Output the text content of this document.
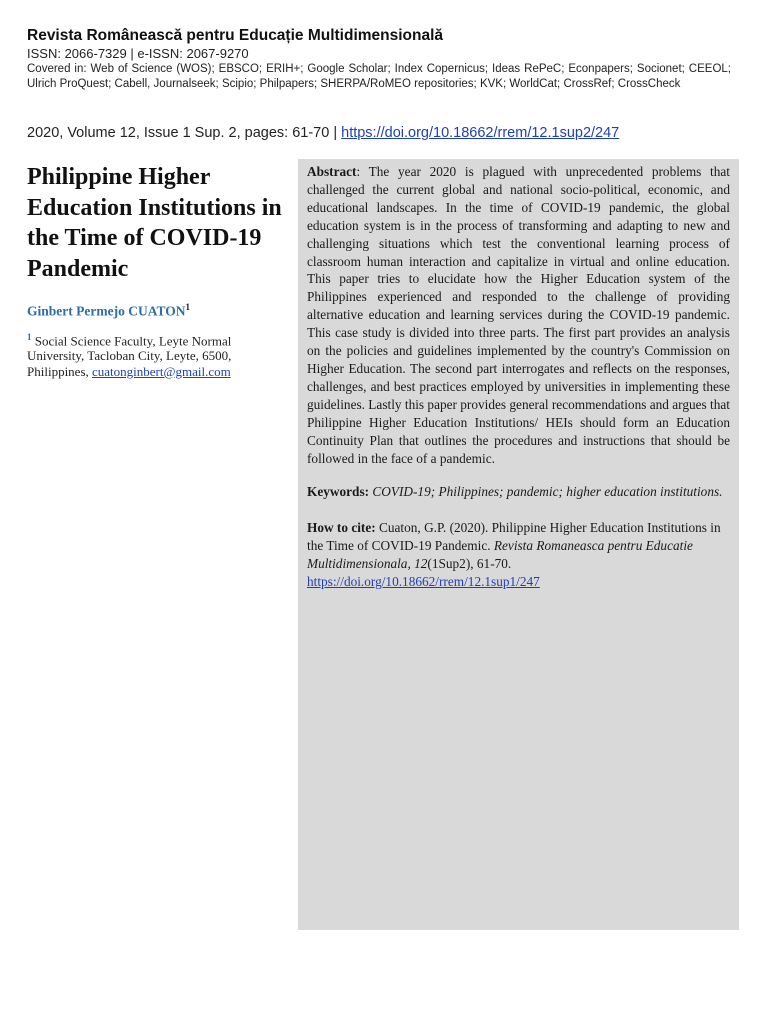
Revista Românească pentru Educație Multidimensională
ISSN: 2066-7329 | e-ISSN: 2067-9270
Covered in: Web of Science (WOS); EBSCO; ERIH+; Google Scholar; Index Copernicus; Ideas RePeC; Econpapers; Socionet; CEEOL; Ulrich ProQuest; Cabell, Journalseek; Scipio; Philpapers; SHERPA/RoMEO repositories; KVK; WorldCat; CrossRef; CrossCheck
2020, Volume 12, Issue 1 Sup. 2, pages: 61-70 | https://doi.org/10.18662/rrem/12.1sup2/247
Philippine Higher Education Institutions in the Time of COVID-19 Pandemic
Ginbert Permejo CUATON$^1$
$^1$ Social Science Faculty, Leyte Normal University, Tacloban City, Leyte, 6500, Philippines, cuatonginbert@gmail.com

Abstract: The year 2020 is plagued with unprecedented problems that challenged the current global and national socio-political, economic, and educational landscapes. In the time of COVID-19 pandemic, the global education system is in the process of transforming and adapting to new and challenging situations which test the conventional learning process of classroom human interaction and capitalize in virtual and online education. This paper tries to elucidate how the Higher Education system of the Philippines experienced and responded to the challenge of providing alternative education and learning services during the COVID-19 pandemic. This case study is divided into three parts. The first part provides an analysis on the policies and guidelines implemented by the country's Commission on Higher Education. The second part interrogates and reflects on the responses, challenges, and best practices employed by universities in implementing these guidelines. Lastly this paper provides general recommendations and argues that Philippine Higher Education Institutions/ HEIs should form an Education Continuity Plan that outlines the procedures and instructions that should be followed in the face of a pandemic.

Keywords: COVID-19; Philippines; pandemic; higher education institutions.

How to cite: Cuaton, G.P. (2020). Philippine Higher Education Institutions in the Time of COVID-19 Pandemic. Revista Romaneasca pentru Educatie Multidimensionala, 12(1Sup2), 61-70. https://doi.org/10.18662/rrem/12.1sup1/247
